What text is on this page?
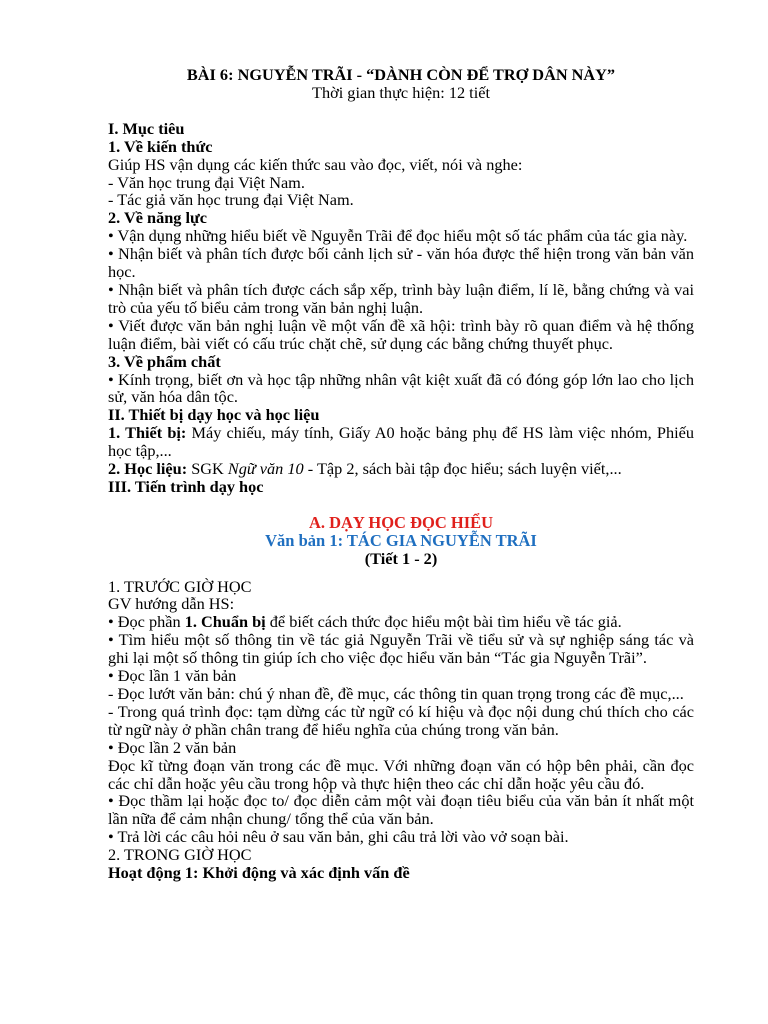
BÀI 6: NGUYỄN TRÃI - “DÀNH CÒN ĐỂ TRỢ DÂN NÀY”

Thời gian thực hiện: 12 tiết

I. Mục tiêu

1. Về kiến thức

Giúp HS vận dụng các kiến thức sau vào đọc, viết, nói và nghe:

- Văn học trung đại Việt Nam.

- Tác giả văn học trung đại Việt Nam.

2. Về năng lực

• Vận dụng những hiểu biết về Nguyễn Trãi để đọc hiểu một số tác phẩm của tác gia này.

• Nhận biết và phân tích được bối cảnh lịch sử - văn hóa được thể hiện trong văn bản văn học.

• Nhận biết và phân tích được cách sắp xếp, trình bày luận điểm, lí lẽ, bằng chứng và vai trò của yếu tố biểu cảm trong văn bản nghị luận.

• Viết được văn bản nghị luận về một vấn đề xã hội: trình bày rõ quan điểm và hệ thống luận điểm, bài viết có cấu trúc chặt chẽ, sử dụng các bằng chứng thuyết phục.

3. Về phẩm chất

• Kính trọng, biết ơn và học tập những nhân vật kiệt xuất đã có đóng góp lớn lao cho lịch sử, văn hóa dân tộc.

II. Thiết bị dạy học và học liệu

1. Thiết bị: Máy chiếu, máy tính, Giấy A0 hoặc bảng phụ để HS làm việc nhóm, Phiếu học tập,...

2. Học liệu: SGK Ngữ văn 10 - Tập 2, sách bài tập đọc hiểu; sách luyện viết,...

III. Tiến trình dạy học

A. DẠY HỌC ĐỌC HIỂU

Văn bản 1: TÁC GIA NGUYỄN TRÃI

(Tiết 1 - 2)

1. TRƯỚC GIỜ HỌC

GV hướng dẫn HS:

• Đọc phần 1. Chuẩn bị để biết cách thức đọc hiểu một bài tìm hiểu về tác giả.

• Tìm hiểu một số thông tin về tác giả Nguyễn Trãi về tiểu sử và sự nghiệp sáng tác và ghi lại một số thông tin giúp ích cho việc đọc hiểu văn bản “Tác gia Nguyễn Trãi”.

• Đọc lần 1 văn bản

- Đọc lướt văn bản: chú ý nhan đề, đề mục, các thông tin quan trọng trong các đề mục,...

- Trong quá trình đọc: tạm dừng các từ ngữ có kí hiệu và đọc nội dung chú thích cho các từ ngữ này ở phần chân trang để hiểu nghĩa của chúng trong văn bản.

• Đọc lần 2 văn bản

Đọc kĩ từng đoạn văn trong các đề mục. Với những đoạn văn có hộp bên phải, cần đọc các chỉ dẫn hoặc yêu cầu trong hộp và thực hiện theo các chỉ dẫn hoặc yêu cầu đó.

• Đọc thầm lại hoặc đọc to/ đọc diễn cảm một vài đoạn tiêu biểu của văn bản ít nhất một lần nữa để cảm nhận chung/ tổng thể của văn bản.

• Trả lời các câu hỏi nêu ở sau văn bản, ghi câu trả lời vào vở soạn bài.

2. TRONG GIỜ HỌC

Hoạt động 1: Khởi động và xác định vấn đề
